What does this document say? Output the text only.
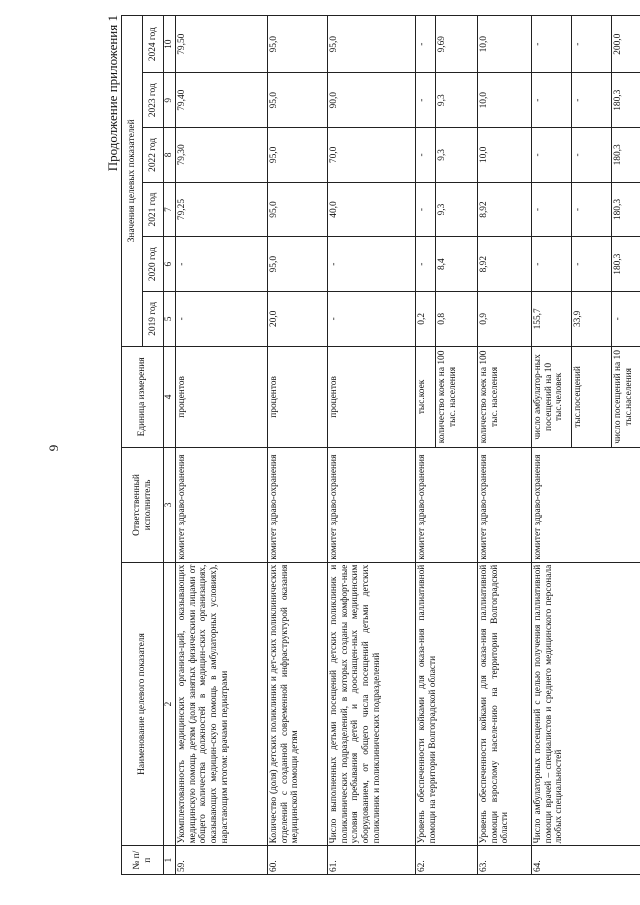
9
Продолжение приложения 1
№ п/п	Наименование целевого показателя	Ответственный исполнитель	Единица измерения	Значения целевых показателей					
				2019 год	2020 год	2021 год	2022 год	2023 год	2024 год
1	2	3	4	5	6	7	8	9	10
59.	Укомплектованность медицинских организа-ций, оказывающих медицинскую помощь детям (доля занятых физическими лицами от общего количества должностей в медицин-ских организациях, оказывающих медицин-скую помощь в амбулаторных условиях), нарастающим итогом: врачами педиатрами	комитет здраво-охранения	процентов	-	-	79,25	79,30	79,40	79,50
60.	Количество (доля) детских поликлиник и дет-ских поликлинических отделений с созданной современной инфраструктурой оказания медицинской помощи детям	комитет здраво-охранения	процентов	20,0	95,0	95,0	95,0	95,0	95,0
61.	Число выполненных детьми посещений детских поликлиник и поликлинических подразделений, в которых созданы комфорт-ные условия пребывания детей и дооснащен-ных медицинским оборудованием, от общего числа посещений детьми детских поликлиник и поликлинических подразделений	комитет здраво-охранения	процентов	-	-	40,0	70,0	90,0	95,0
62.	Уровень обеспеченности койками для оказа-ния паллиативной помощи на территории Волгоградской области	комитет здраво-охранения	тыс.коек	0,2	-	-	-	-	-
			количество коек на 100 тыс. населения	0,8	8,4	9,3	9,3	9,3	9,69
63.	Уровень обеспеченности койками для оказа-ния паллиативной помощи взрослому населе-нию на территории Волгоградской области	комитет здраво-охранения	количество коек на 100 тыс. населения	0,9	8,92	8,92	10,0	10,0	10,0
64.	Число амбулаторных посещений с целью получения паллиативной помощи врачей – специалистов и среднего медицинского персонала любых специальностей	комитет здраво-охранения	число амбулатор-ных посещений на 10 тыс.человек	155,7	-	-	-	-	-
			тыс.посещений	33,9	-	-	-	-	-
			число посещений на 10 тыс.населения	-	180,3	180,3	180,3	180,3	200,0
